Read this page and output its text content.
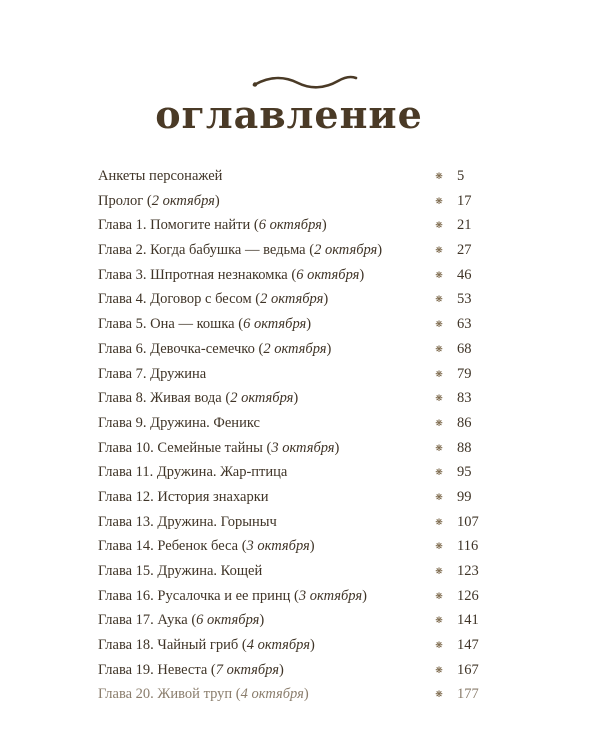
оглавление
Анкеты персонажей	❋ 5
Пролог (2 октября)	❋ 17
Глава 1. Помогите найти (6 октября)	❋ 21
Глава 2. Когда бабушка — ведьма (2 октября)	❋ 27
Глава 3. Шпротная незнакомка (6 октября)	❋ 46
Глава 4. Договор с бесом (2 октября)	❋ 53
Глава 5. Она — кошка (6 октября)	❋ 63
Глава 6. Девочка-семечко (2 октября)	❋ 68
Глава 7. Дружина	❋ 79
Глава 8. Живая вода (2 октября)	❋ 83
Глава 9. Дружина. Феникс	❋ 86
Глава 10. Семейные тайны (3 октября)	❋ 88
Глава 11. Дружина. Жар-птица	❋ 95
Глава 12. История знахарки	❋ 99
Глава 13. Дружина. Горыныч	❋ 107
Глава 14. Ребенок беса (3 октября)	❋ 116
Глава 15. Дружина. Кощей	❋ 123
Глава 16. Русалочка и ее принц (3 октября)	❋ 126
Глава 17. Аука (6 октября)	❋ 141
Глава 18. Чайный гриб (4 октября)	❋ 147
Глава 19. Невеста (7 октября)	❋ 167
Глава 20. Живой труп (4 октября)	❋ 177
